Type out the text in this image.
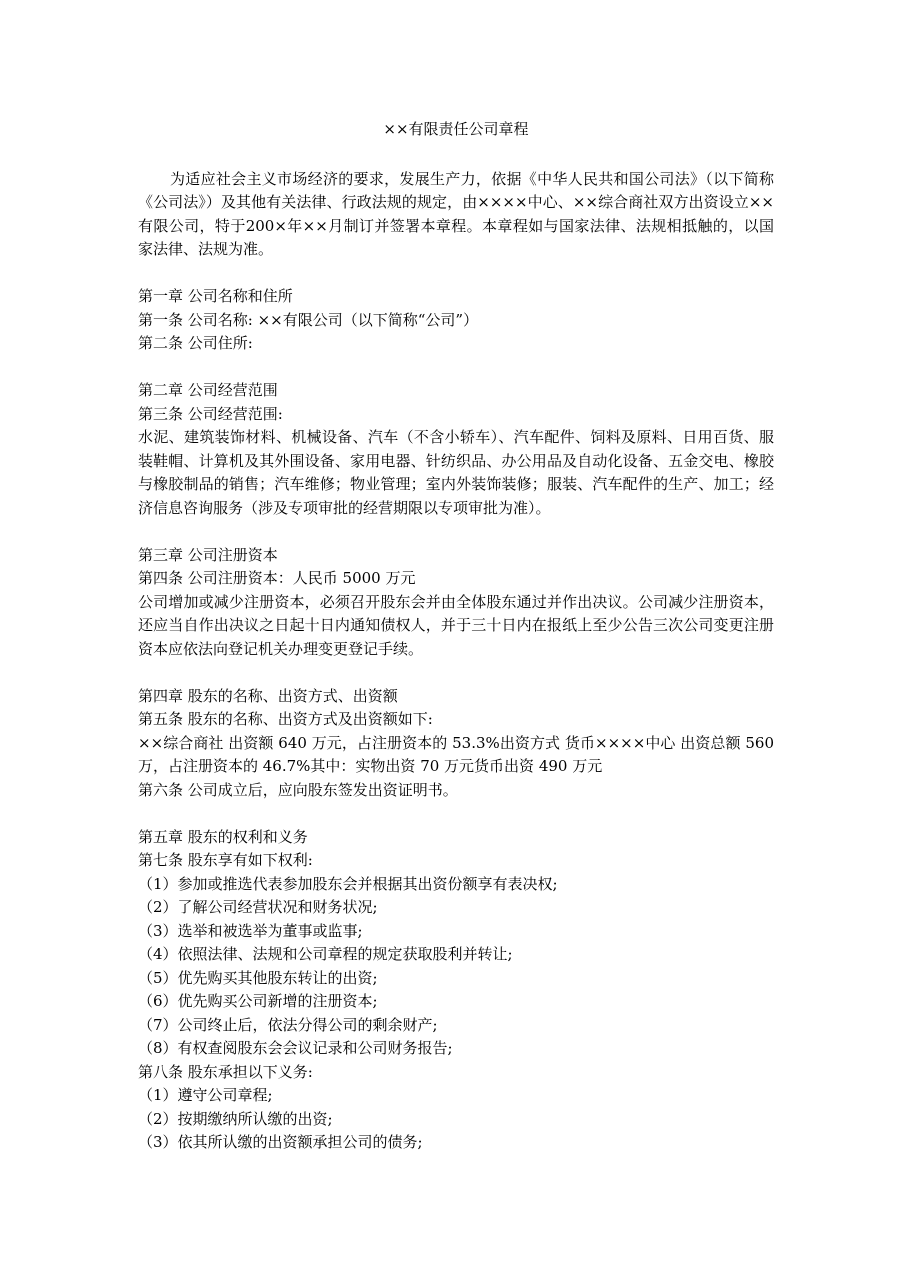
××有限责任公司章程

为适应社会主义市场经济的要求，发展生产力，依据《中华人民共和国公司法》（以下简称《公司法》）及其他有关法律、行政法规的规定，由××××中心、××综合商社双方出资设立××有限公司，特于200×年××月制订并签署本章程。本章程如与国家法律、法规相抵触的，以国家法律、法规为准。

第一章 公司名称和住所

第一条 公司名称: ××有限公司（以下简称“公司”）

第二条 公司住所:

第二章 公司经营范围

第三条 公司经营范围:

水泥、建筑装饰材料、机械设备、汽车（不含小轿车）、汽车配件、饲料及原料、日用百货、服装鞋帽、计算机及其外围设备、家用电器、针纺织品、办公用品及自动化设备、五金交电、橡胶与橡胶制品的销售；汽车维修；物业管理；室内外装饰装修；服装、汽车配件的生产、加工；经济信息咨询服务（涉及专项审批的经营期限以专项审批为准）。

第三章 公司注册资本

第四条 公司注册资本：人民币 5000 万元

公司增加或减少注册资本，必须召开股东会并由全体股东通过并作出决议。公司减少注册资本，还应当自作出决议之日起十日内通知债权人，并于三十日内在报纸上至少公告三次公司变更注册资本应依法向登记机关办理变更登记手续。

第四章 股东的名称、出资方式、出资额

第五条 股东的名称、出资方式及出资额如下:

××综合商社 出资额 640 万元，占注册资本的 53.3%出资方式 货币××××中心 出资总额 560 万，占注册资本的 46.7%其中：实物出资 70 万元货币出资 490 万元

第六条 公司成立后，应向股东签发出资证明书。

第五章 股东的权利和义务

第七条 股东享有如下权利:

（1）参加或推选代表参加股东会并根据其出资份额享有表决权;

（2）了解公司经营状况和财务状况;

（3）选举和被选举为董事或监事;

（4）依照法律、法规和公司章程的规定获取股利并转让;

（5）优先购买其他股东转让的出资;

（6）优先购买公司新增的注册资本;

（7）公司终止后，依法分得公司的剩余财产;

（8）有权查阅股东会会议记录和公司财务报告;

第八条 股东承担以下义务:

（1）遵守公司章程;

（2）按期缴纳所认缴的出资;

（3）依其所认缴的出资额承担公司的债务;
